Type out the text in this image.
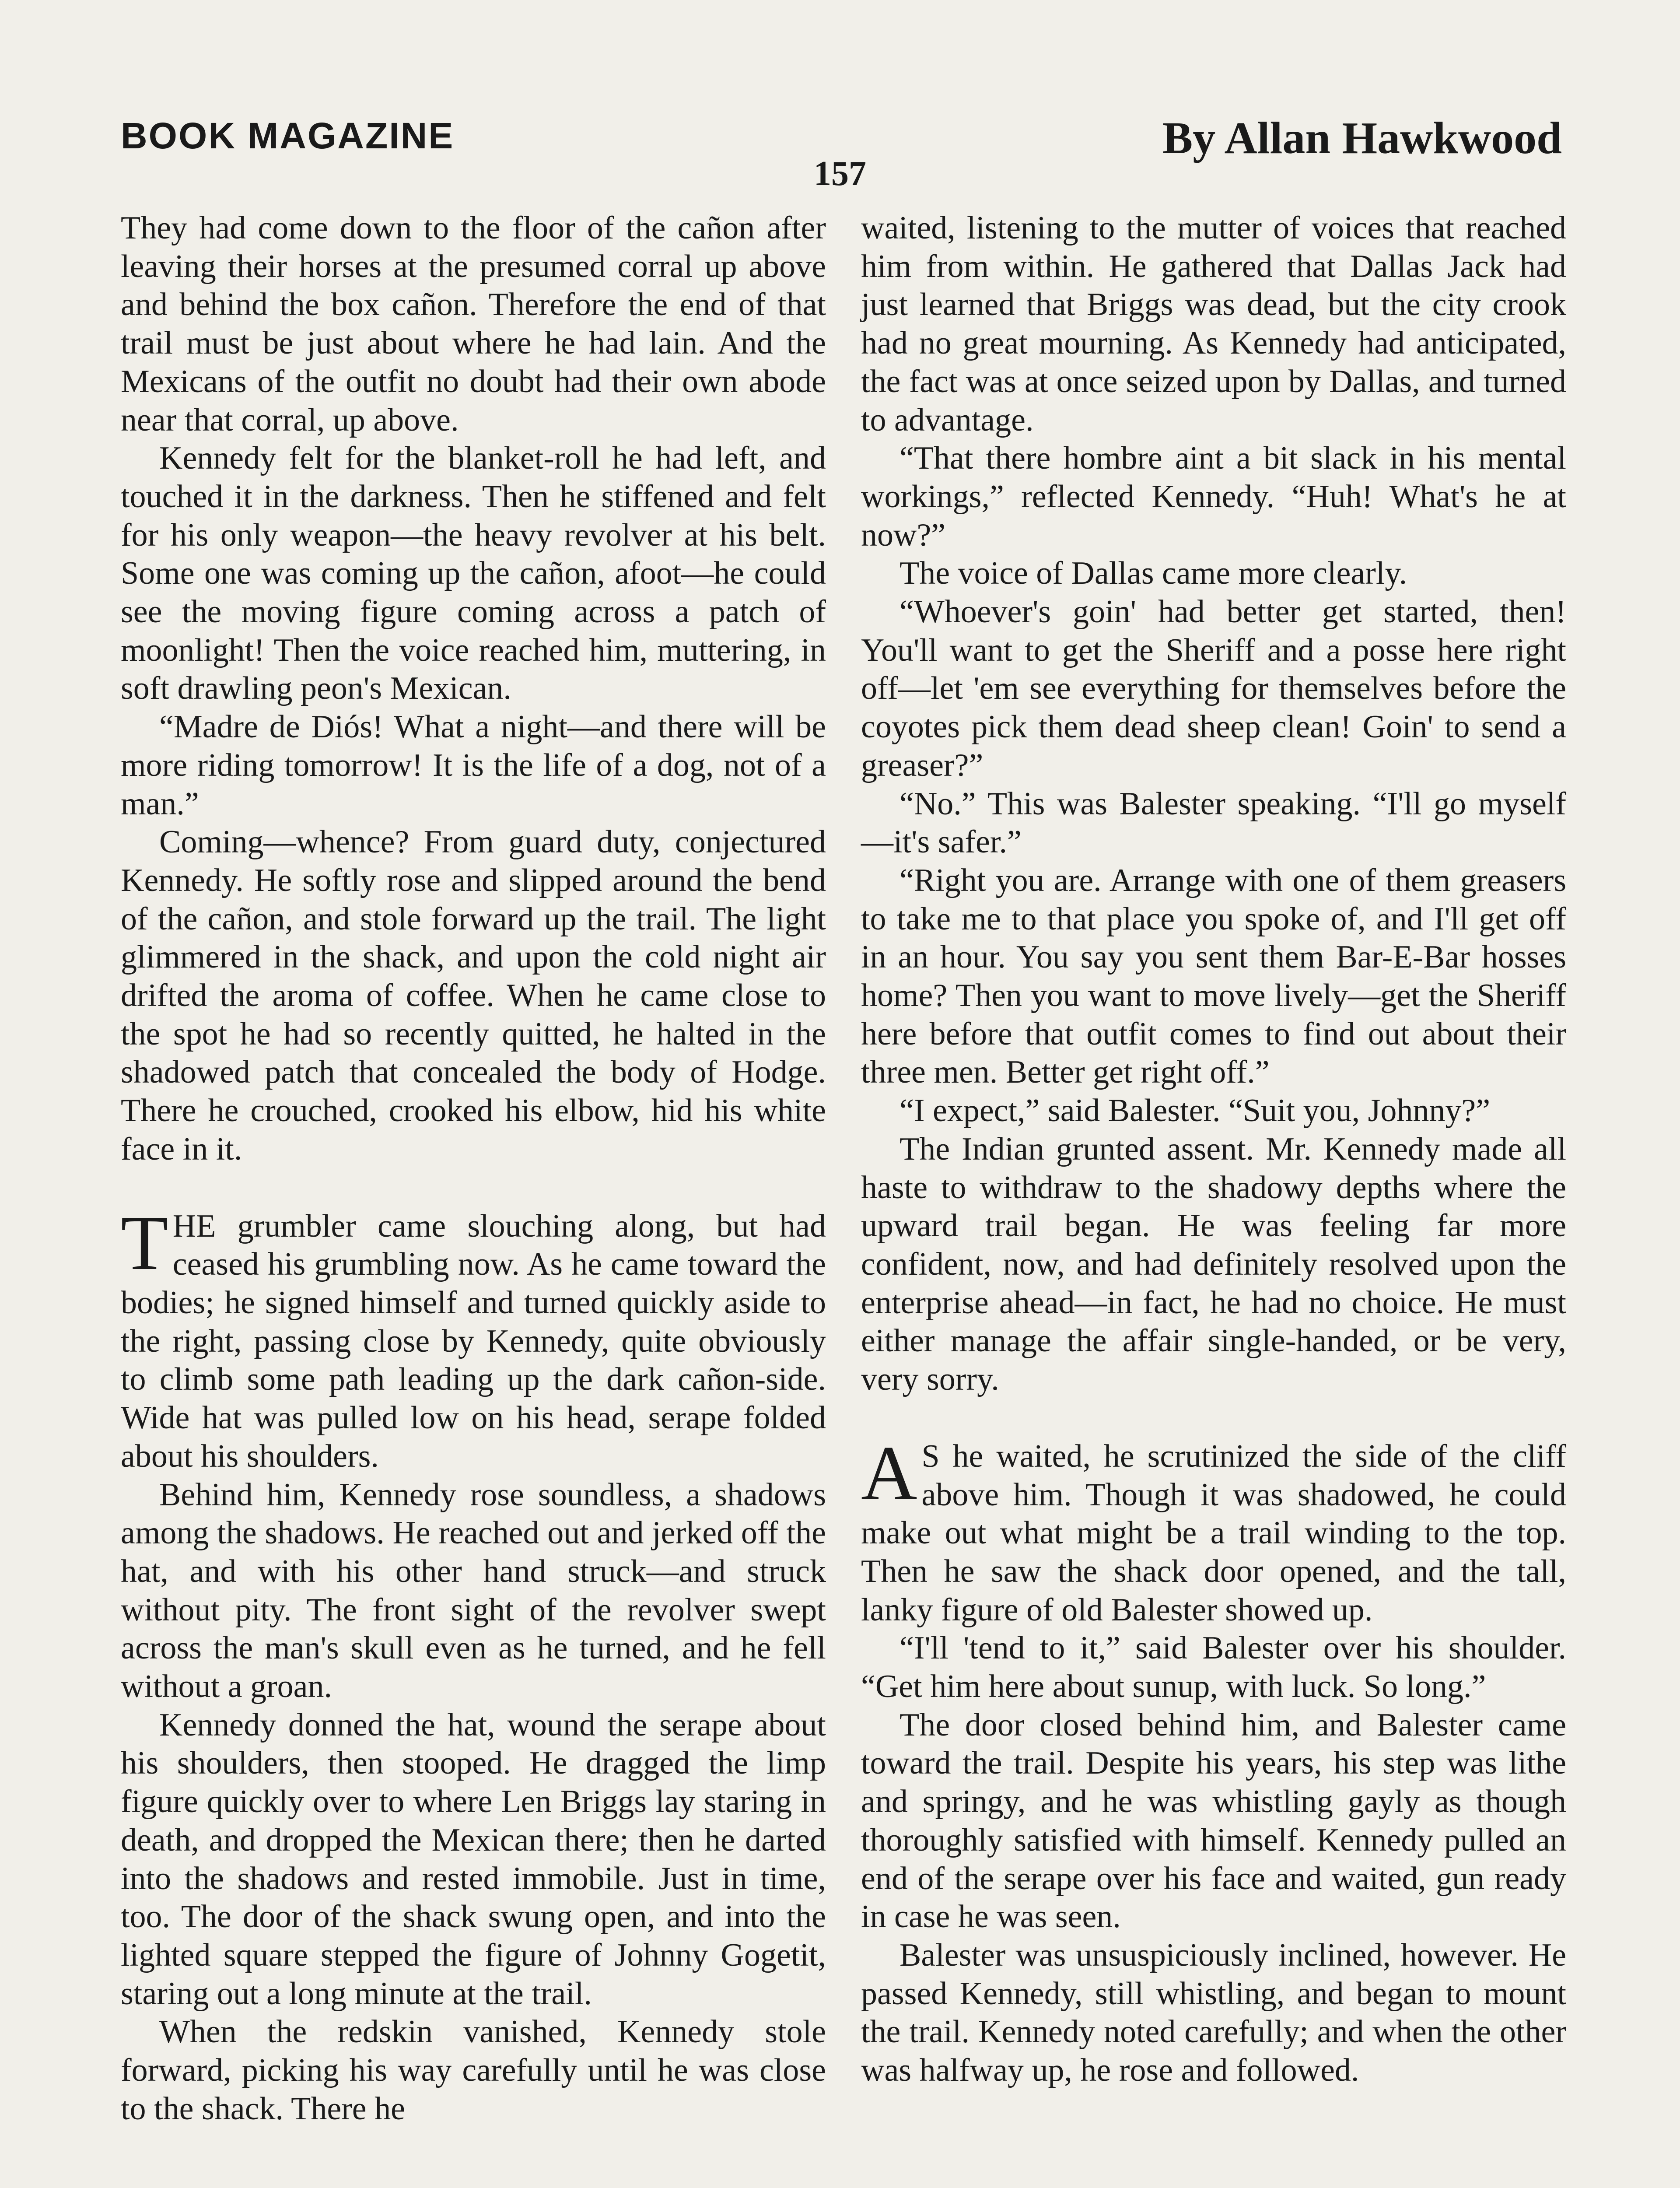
BOOK MAGAZINE	By Allan Hawkwood
157

They had come down to the floor of the cañon after leaving their horses at the presumed corral up above and behind the box cañon. Therefore the end of that trail must be just about where he had lain. And the Mexicans of the outfit no doubt had their own abode near that corral, up above.

Kennedy felt for the blanket-roll he had left, and touched it in the darkness. Then he stiffened and felt for his only weapon—the heavy revolver at his belt. Some one was coming up the cañon, afoot—he could see the moving figure coming across a patch of moonlight! Then the voice reached him, muttering, in soft drawling peon's Mexican.

“Madre de Diós! What a night—and there will be more riding tomorrow! It is the life of a dog, not of a man.”

Coming—whence? From guard duty, conjectured Kennedy. He softly rose and slipped around the bend of the cañon, and stole forward up the trail. The light glimmered in the shack, and upon the cold night air drifted the aroma of coffee. When he came close to the spot he had so recently quitted, he halted in the shadowed patch that concealed the body of Hodge. There he crouched, crooked his elbow, hid his white face in it.

THE grumbler came slouching along, but had ceased his grumbling now. As he came toward the bodies; he signed himself and turned quickly aside to the right, passing close by Kennedy, quite obviously to climb some path leading up the dark cañon-side. Wide hat was pulled low on his head, serape folded about his shoulders.

Behind him, Kennedy rose soundless, a shadows among the shadows. He reached out and jerked off the hat, and with his other hand struck—and struck without pity. The front sight of the revolver swept across the man's skull even as he turned, and he fell without a groan.

Kennedy donned the hat, wound the serape about his shoulders, then stooped. He dragged the limp figure quickly over to where Len Briggs lay staring in death, and dropped the Mexican there; then he darted into the shadows and rested immobile. Just in time, too. The door of the shack swung open, and into the lighted square stepped the figure of Johnny Gogetit, staring out a long minute at the trail.

When the redskin vanished, Kennedy stole forward, picking his way carefully until he was close to the shack. There he

waited, listening to the mutter of voices that reached him from within. He gathered that Dallas Jack had just learned that Briggs was dead, but the city crook had no great mourning. As Kennedy had anticipated, the fact was at once seized upon by Dallas, and turned to advantage.

“That there hombre aint a bit slack in his mental workings,” reflected Kennedy. “Huh! What's he at now?”

The voice of Dallas came more clearly.

“Whoever's goin' had better get started, then! You'll want to get the Sheriff and a posse here right off—let 'em see everything for themselves before the coyotes pick them dead sheep clean! Goin' to send a greaser?”

“No.” This was Balester speaking. “I'll go myself—it's safer.”

“Right you are. Arrange with one of them greasers to take me to that place you spoke of, and I'll get off in an hour. You say you sent them Bar-E-Bar hosses home? Then you want to move lively—get the Sheriff here before that outfit comes to find out about their three men. Better get right off.”

“I expect,” said Balester. “Suit you, Johnny?”

The Indian grunted assent. Mr. Kennedy made all haste to withdraw to the shadowy depths where the upward trail began. He was feeling far more confident, now, and had definitely resolved upon the enterprise ahead—in fact, he had no choice. He must either manage the affair single-handed, or be very, very sorry.

A S he waited, he scrutinized the side of the cliff above him. Though it was shadowed, he could make out what might be a trail winding to the top. Then he saw the shack door opened, and the tall, lanky figure of old Balester showed up.

“I'll 'tend to it,” said Balester over his shoulder. “Get him here about sunup, with luck. So long.”

The door closed behind him, and Balester came toward the trail. Despite his years, his step was lithe and springy, and he was whistling gayly as though thoroughly satisfied with himself. Kennedy pulled an end of the serape over his face and waited, gun ready in case he was seen.

Balester was unsuspiciously inclined, however. He passed Kennedy, still whistling, and began to mount the trail. Kennedy noted carefully; and when the other was halfway up, he rose and followed.
